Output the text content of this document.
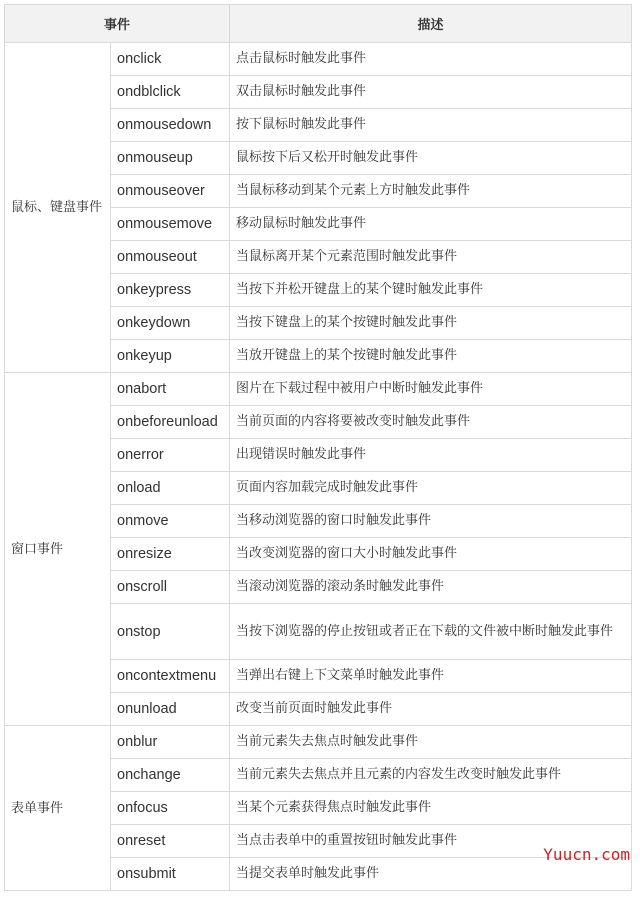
事件		描述
鼠标、键盘事件	onclick	点击鼠标时触发此事件
	ondblclick	双击鼠标时触发此事件
	onmousedown	按下鼠标时触发此事件
	onmouseup	鼠标按下后又松开时触发此事件
	onmouseover	当鼠标移动到某个元素上方时触发此事件
	onmousemove	移动鼠标时触发此事件
	onmouseout	当鼠标离开某个元素范围时触发此事件
	onkeypress	当按下并松开键盘上的某个键时触发此事件
	onkeydown	当按下键盘上的某个按键时触发此事件
	onkeyup	当放开键盘上的某个按键时触发此事件
窗口事件	onabort	图片在下载过程中被用户中断时触发此事件
	onbeforeunload	当前页面的内容将要被改变时触发此事件
	onerror	出现错误时触发此事件
	onload	页面内容加载完成时触发此事件
	onmove	当移动浏览器的窗口时触发此事件
	onresize	当改变浏览器的窗口大小时触发此事件
	onscroll	当滚动浏览器的滚动条时触发此事件
	onstop	当按下浏览器的停止按钮或者正在下载的文件被中断时触发此事件
	oncontextmenu	当弹出右键上下文菜单时触发此事件
	onunload	改变当前页面时触发此事件
表单事件	onblur	当前元素失去焦点时触发此事件
	onchange	当前元素失去焦点并且元素的内容发生改变时触发此事件
	onfocus	当某个元素获得焦点时触发此事件
	onreset	当点击表单中的重置按钮时触发此事件
	onsubmit	当提交表单时触发此事件
Yuucn.com
